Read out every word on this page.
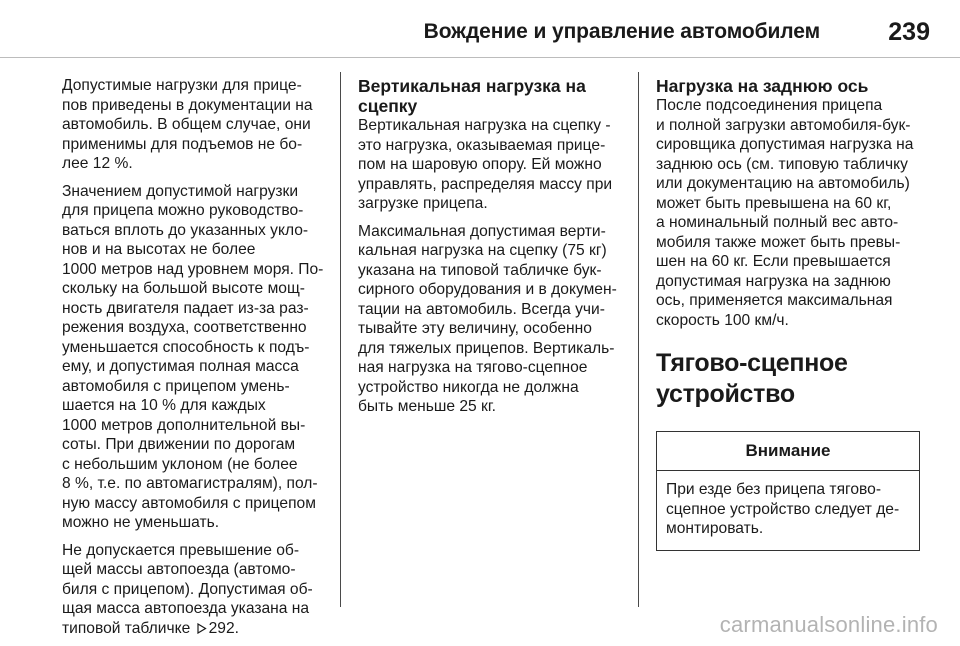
Вождение и управление автомобилем	239
Допустимые нагрузки для прице‐
пов приведены в документации на
автомобиль. В общем случае, они
применимы для подъемов не бо‐
лее 12 %.
Значением допустимой нагрузки
для прицепа можно руководство‐
ваться вплоть до указанных укло‐
нов и на высотах не более
1000 метров над уровнем моря. По‐
скольку на большой высоте мощ‐
ность двигателя падает из-за раз‐
режения воздуха, соответственно
уменьшается способность к подъ‐
ему, и допустимая полная масса
автомобиля с прицепом умень‐
шается на 10 % для каждых
1000 метров дополнительной вы‐
соты. При движении по дорогам
с небольшим уклоном (не более
8 %, т.е. по автомагистралям), пол‐
ную массу автомобиля с прицепом
можно не уменьшать.
Не допускается превышение об‐
щей массы автопоезда (автомо‐
биля с прицепом). Допустимая об‐
щая масса автопоезда указана на
типовой табличке 292.
Вертикальная нагрузка на
сцепку
Вертикальная нагрузка на сцепку -
это нагрузка, оказываемая прице‐
пом на шаровую опору. Ей можно
управлять, распределяя массу при
загрузке прицепа.
Максимальная допустимая верти‐
кальная нагрузка на сцепку (75 кг)
указана на типовой табличке бук‐
сирного оборудования и в докумен‐
тации на автомобиль. Всегда учи‐
тывайте эту величину, особенно
для тяжелых прицепов. Вертикаль‐
ная нагрузка на тягово-сцепное
устройство никогда не должна
быть меньше 25 кг.
Нагрузка на заднюю ось
После подсоединения прицепа
и полной загрузки автомобиля-бук‐
сировщика допустимая нагрузка на
заднюю ось (см. типовую табличку
или документацию на автомобиль)
может быть превышена на 60 кг,
а номинальный полный вес авто‐
мобиля также может быть превы‐
шен на 60 кг. Если превышается
допустимая нагрузка на заднюю
ось, применяется максимальная
скорость 100 км/ч.
Тягово-сцепное
устройство
Внимание
При езде без прицепа тягово-
сцепное устройство следует де‐
монтировать.
carmanualsonline.info
